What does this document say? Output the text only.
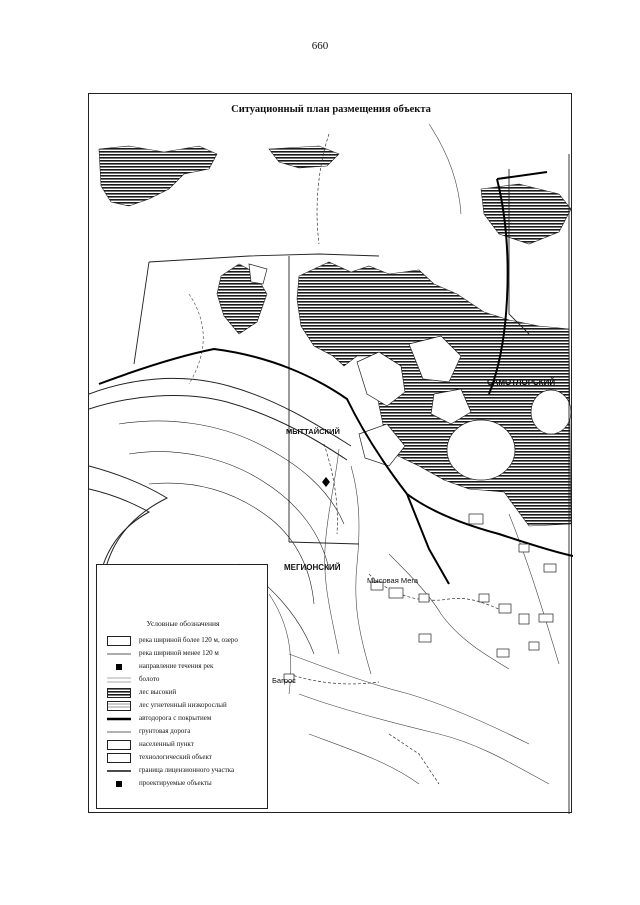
660
Ситуационный план размещения объекта
САМОТЛОРСКИЙ
МЫТТАЙСКИЙ
МЕГИОНСКИЙ
Мысовая Мега
Багрос
Условные обозначения
река шириной более 120 м, озеро
река шириной менее 120 м
направление течения рек
болото
лес высокий
лес угнетенный низкорослый
автодорога с покрытием
грунтовая дорога
населенный пункт
технологический объект
граница лицензионного участка
проектируемые объекты
